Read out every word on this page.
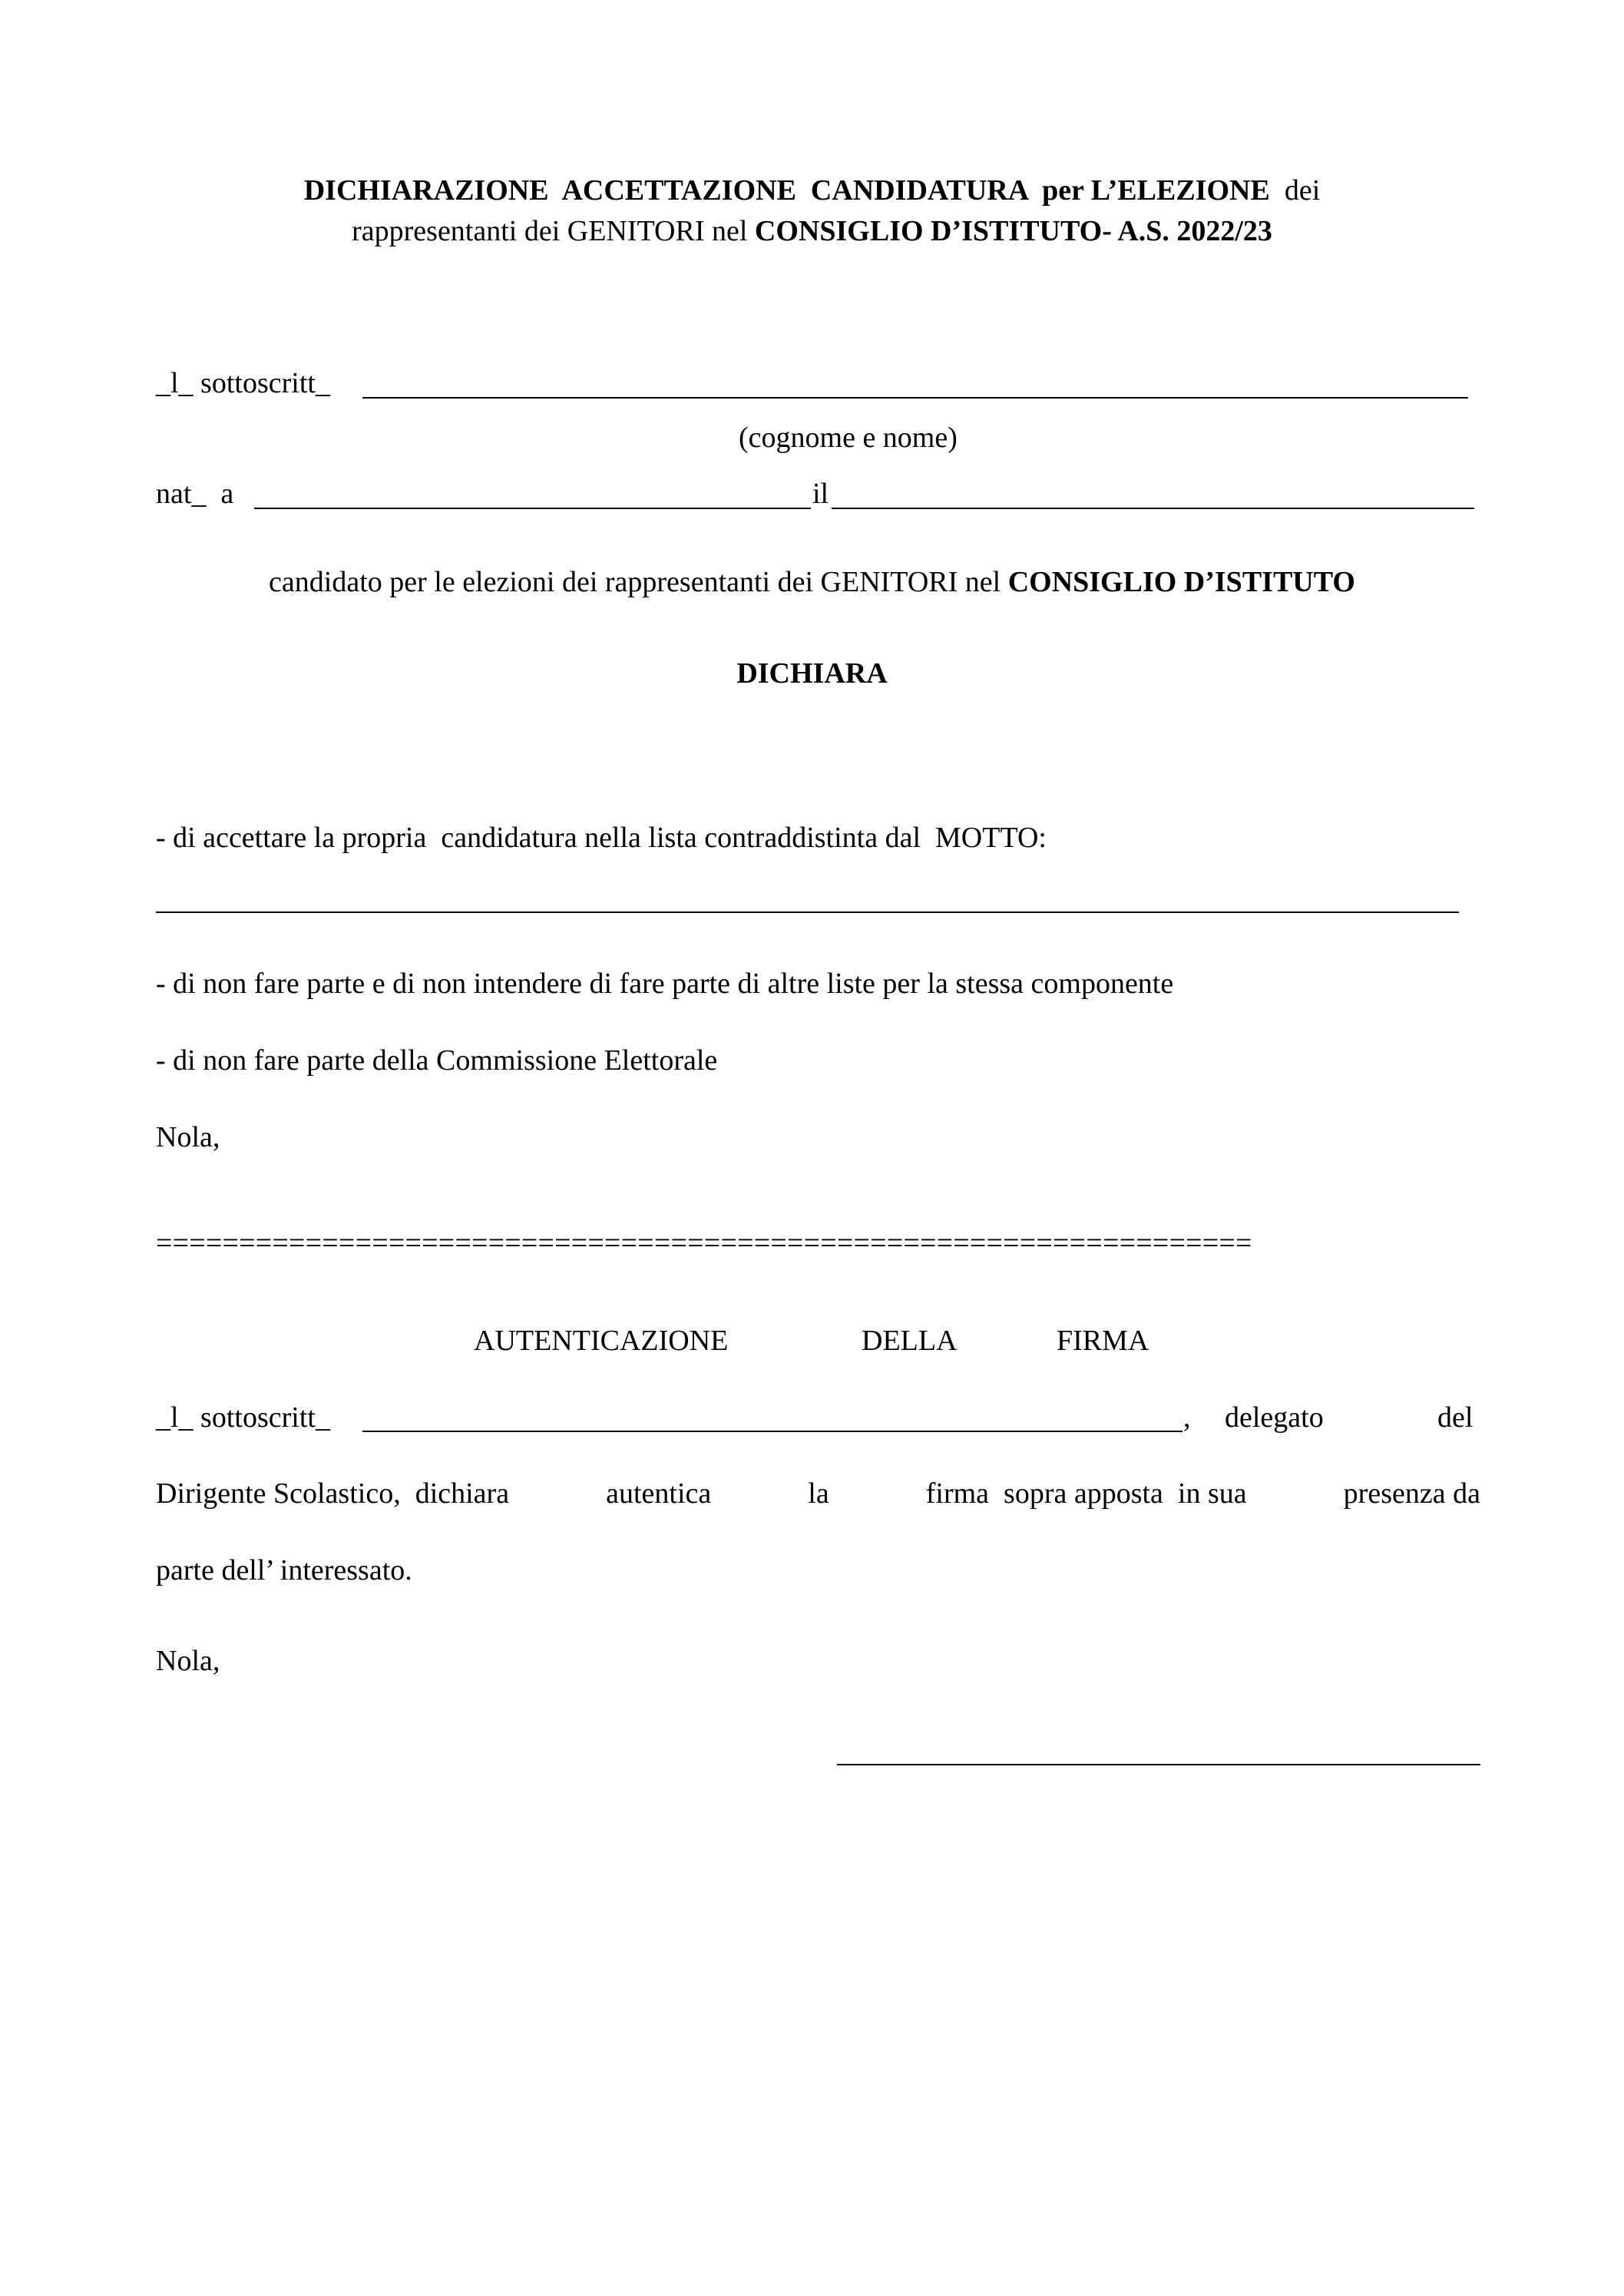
DICHIARAZIONE  ACCETTAZIONE  CANDIDATURA  per L’ELEZIONE dei
rappresentanti dei GENITORI nel CONSIGLIO D’ISTITUTO- A.S. 2022/23
_l_ sottoscritt_
(cognome e nome)
nat_  a	il
candidato per le elezioni dei rappresentanti dei GENITORI nel CONSIGLIO D’ISTITUTO
DICHIARA
- di accettare la propria  candidatura nella lista contraddistinta dal  MOTTO:
- di non fare parte e di non intendere di fare parte di altre liste per la stessa componente
- di non fare parte della Commissione Elettorale
Nola,
==================================================================
AUTENTICAZIONE	DELLA	FIRMA
_l_ sottoscritt_	, delegato	del
Dirigente Scolastico,  dichiara	autentica	la	firma  sopra apposta  in sua	presenza da
parte dell’ interessato.
Nola,
